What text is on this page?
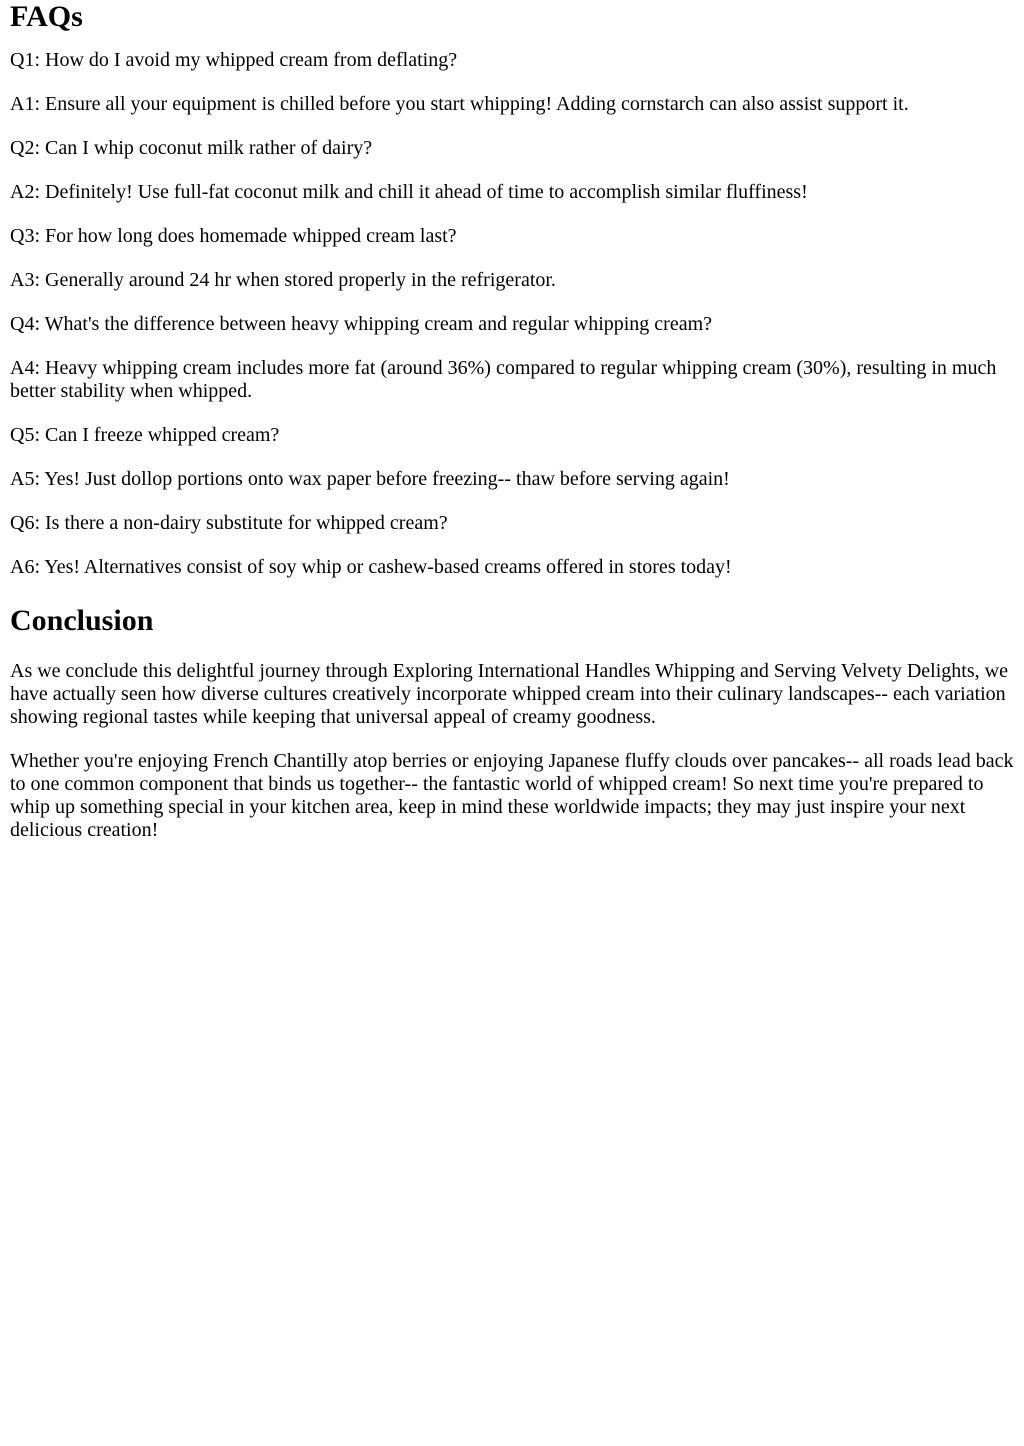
FAQs

Q1: How do I avoid my whipped cream from deflating?

A1: Ensure all your equipment is chilled before you start whipping! Adding cornstarch can also assist support it.

Q2: Can I whip coconut milk rather of dairy?

A2: Definitely! Use full-fat coconut milk and chill it ahead of time to accomplish similar fluffiness!

Q3: For how long does homemade whipped cream last?

A3: Generally around 24 hr when stored properly in the refrigerator.

Q4: What's the difference between heavy whipping cream and regular whipping cream?

A4: Heavy whipping cream includes more fat (around 36%) compared to regular whipping cream (30%), resulting in much better stability when whipped.

Q5: Can I freeze whipped cream?

A5: Yes! Just dollop portions onto wax paper before freezing-- thaw before serving again!

Q6: Is there a non-dairy substitute for whipped cream?

A6: Yes! Alternatives consist of soy whip or cashew-based creams offered in stores today!

Conclusion

As we conclude this delightful journey through Exploring International Handles Whipping and Serving Velvety Delights, we have actually seen how diverse cultures creatively incorporate whipped cream into their culinary landscapes-- each variation showing regional tastes while keeping that universal appeal of creamy goodness.

Whether you're enjoying French Chantilly atop berries or enjoying Japanese fluffy clouds over pancakes-- all roads lead back to one common component that binds us together-- the fantastic world of whipped cream! So next time you're prepared to whip up something special in your kitchen area, keep in mind these worldwide impacts; they may just inspire your next delicious creation!
